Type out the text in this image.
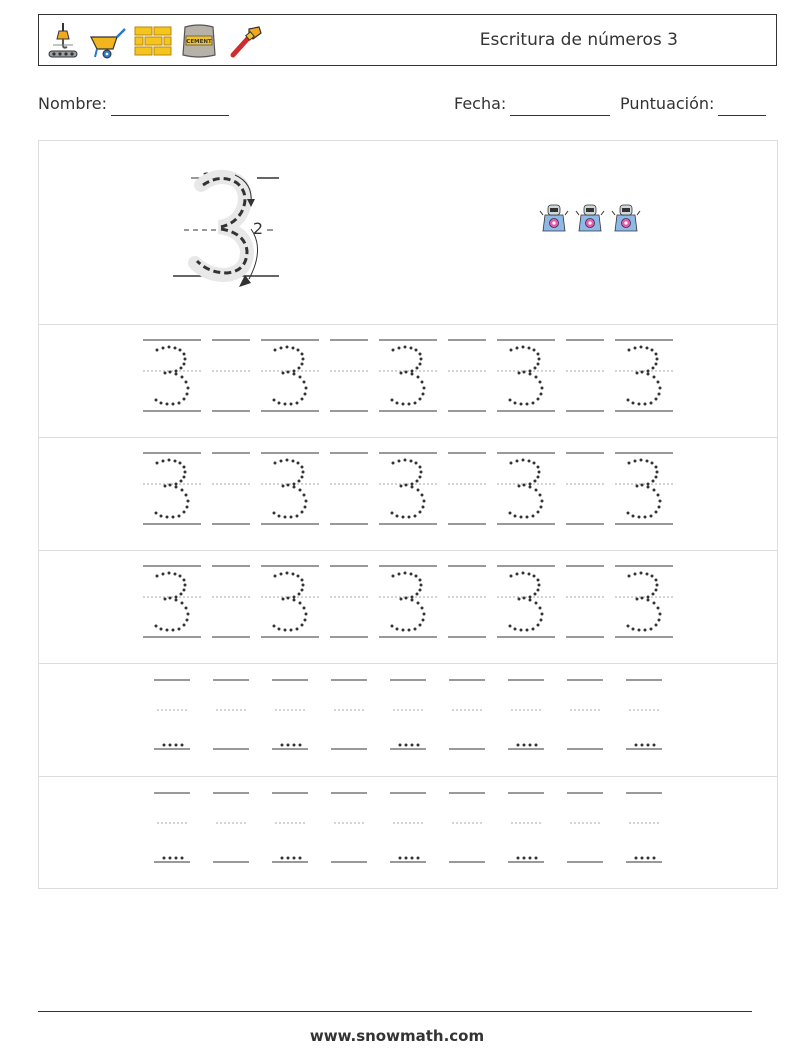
CEMENT	Escritura de números 3
Nombre:	Fecha:	Puntuación:
1
2
www.snowmath.com
